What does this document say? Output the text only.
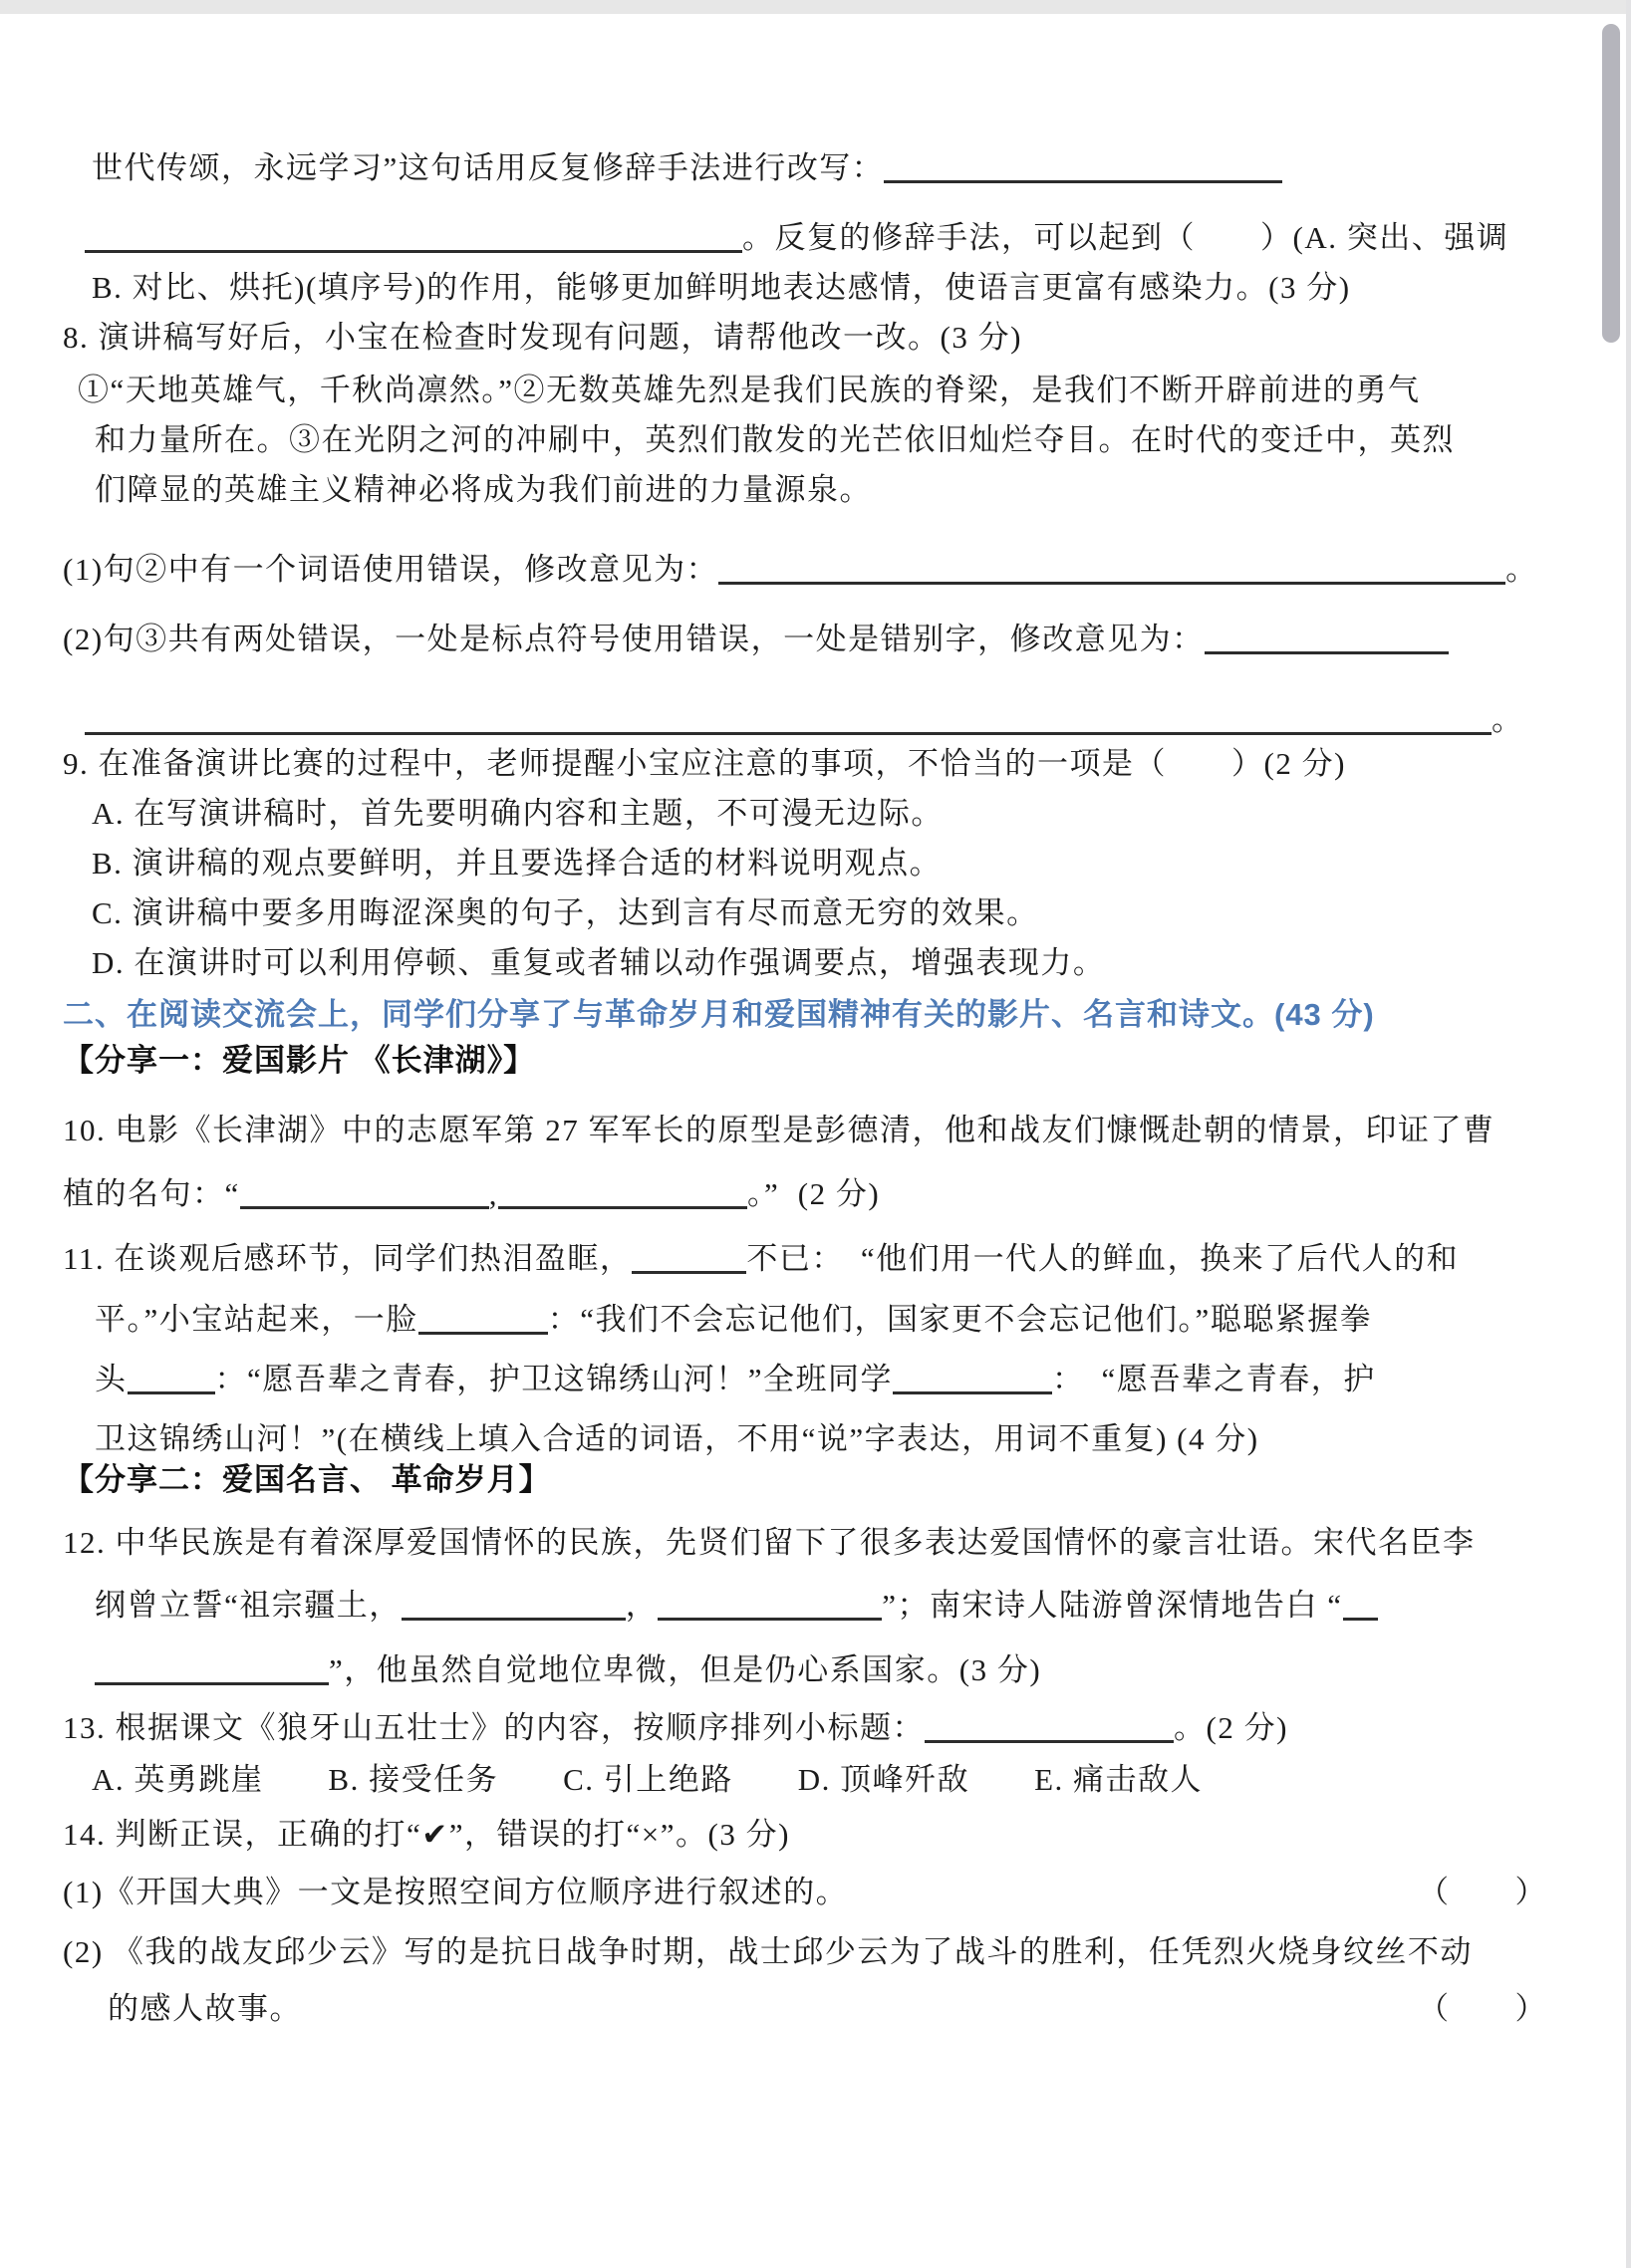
世代传颂，永远学习”这句话用反复修辞手法进行改写：
。反复的修辞手法，可以起到（　　）(A. 突出、强调
B. 对比、烘托)(填序号)的作用，能够更加鲜明地表达感情，使语言更富有感染力。(3 分)
8. 演讲稿写好后，小宝在检查时发现有问题，请帮他改一改。(3 分)
①“天地英雄气，千秋尚凛然。”②无数英雄先烈是我们民族的脊梁，是我们不断开辟前进的勇气
和力量所在。③在光阴之河的冲刷中，英烈们散发的光芒依旧灿烂夺目。在时代的变迁中，英烈
们障显的英雄主义精神必将成为我们前进的力量源泉。
(1)句②中有一个词语使用错误，修改意见为：	。
(2)句③共有两处错误，一处是标点符号使用错误，一处是错别字，修改意见为：
。
9. 在准备演讲比赛的过程中，老师提醒小宝应注意的事项，不恰当的一项是（　　）(2 分)
A. 在写演讲稿时，首先要明确内容和主题，不可漫无边际。
B. 演讲稿的观点要鲜明，并且要选择合适的材料说明观点。
C. 演讲稿中要多用晦涩深奥的句子，达到言有尽而意无穷的效果。
D. 在演讲时可以利用停顿、重复或者辅以动作强调要点，增强表现力。
二、在阅读交流会上，同学们分享了与革命岁月和爱国精神有关的影片、名言和诗文。(43 分)
【分享一：爱国影片 《长津湖》】
10. 电影《长津湖》中的志愿军第 27 军军长的原型是彭德清，他和战友们慷慨赴朝的情景，印证了曹
植的名句：“	,	。”  (2 分)
11. 在谈观后感环节，同学们热泪盈眶，	不已：　“他们用一代人的鲜血，换来了后代人的和
平。”小宝站起来，一脸	：“我们不会忘记他们，国家更不会忘记他们。”聪聪紧握拳
头	：“愿吾辈之青春，护卫这锦绣山河！”全班同学	：　“愿吾辈之青春，护
卫这锦绣山河！”(在横线上填入合适的词语，不用“说”字表达，用词不重复) (4 分)
【分享二：爱国名言、 革命岁月】
12. 中华民族是有着深厚爱国情怀的民族，先贤们留下了很多表达爱国情怀的豪言壮语。宋代名臣李
纲曾立誓“祖宗疆土，	，	”；南宋诗人陆游曾深情地告白 “
”，他虽然自觉地位卑微，但是仍心系国家。(3 分)
13. 根据课文《狼牙山五壮士》的内容，按顺序排列小标题：	。(2 分)
A. 英勇跳崖　　B. 接受任务　　C. 引上绝路　　D. 顶峰歼敌　　E. 痛击敌人
14. 判断正误，正确的打“✔”，错误的打“×”。(3 分)
(1)《开国大典》一文是按照空间方位顺序进行叙述的。	（　　）
(2) 《我的战友邱少云》写的是抗日战争时期，战士邱少云为了战斗的胜利，任凭烈火烧身纹丝不动
的感人故事。	（　　）
